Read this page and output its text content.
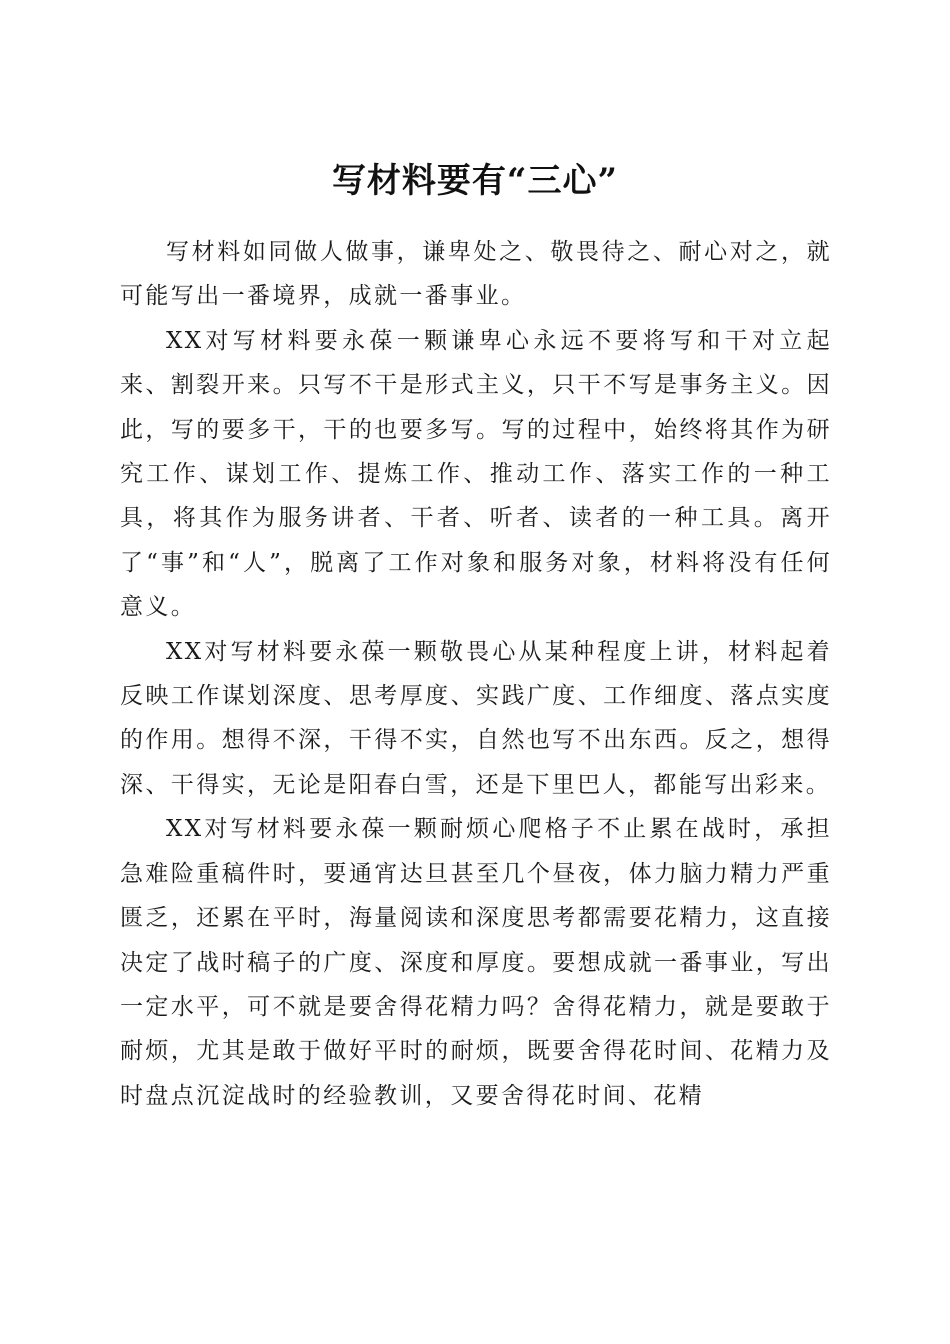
写材料要有“三心”

写材料如同做人做事，谦卑处之、敬畏待之、耐心对之，就可能写出一番境界，成就一番事业。

XX对写材料要永葆一颗谦卑心永远不要将写和干对立起来、割裂开来。只写不干是形式主义，只干不写是事务主义。因此，写的要多干，干的也要多写。写的过程中，始终将其作为研究工作、谋划工作、提炼工作、推动工作、落实工作的一种工具，将其作为服务讲者、干者、听者、读者的一种工具。离开了“事”和“人”，脱离了工作对象和服务对象，材料将没有任何意义。

XX对写材料要永葆一颗敬畏心从某种程度上讲，材料起着反映工作谋划深度、思考厚度、实践广度、工作细度、落点实度的作用。想得不深，干得不实，自然也写不出东西。反之，想得深、干得实，无论是阳春白雪，还是下里巴人，都能写出彩来。

XX对写材料要永葆一颗耐烦心爬格子不止累在战时，承担急难险重稿件时，要通宵达旦甚至几个昼夜，体力脑力精力严重匮乏，还累在平时，海量阅读和深度思考都需要花精力，这直接决定了战时稿子的广度、深度和厚度。要想成就一番事业，写出一定水平，可不就是要舍得花精力吗？舍得花精力，就是要敢于耐烦，尤其是敢于做好平时的耐烦，既要舍得花时间、花精力及时盘点沉淀战时的经验教训，又要舍得花时间、花精
